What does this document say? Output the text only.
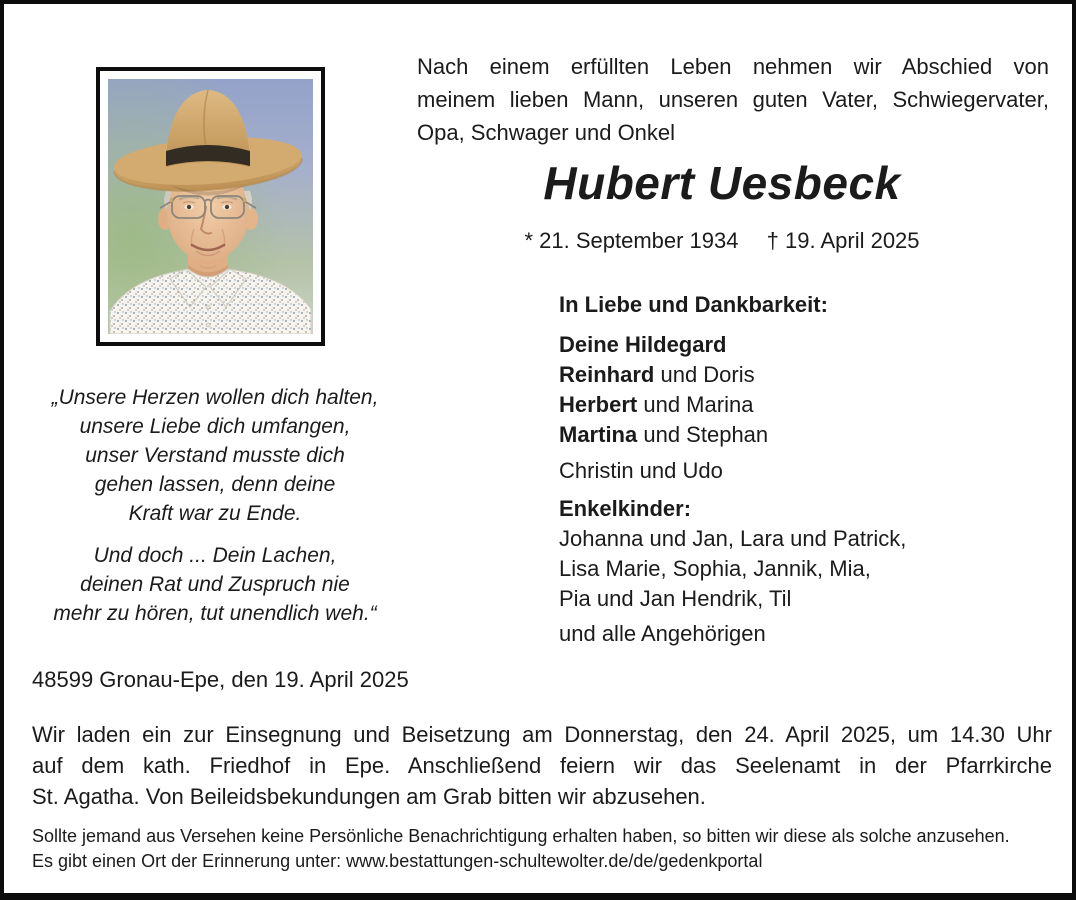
Nach einem erfüllten Leben nehmen wir Abschied von
meinem lieben Mann, unseren guten Vater, Schwiegervater,
Opa, Schwager und Onkel
Hubert Uesbeck
* 21. September 1934 † 19. April 2025
In Liebe und Dankbarkeit:
Deine Hildegard
Reinhard und Doris
Herbert und Marina
Martina und Stephan
Christin und Udo
Enkelkinder:
Johanna und Jan, Lara und Patrick,
Lisa Marie, Sophia, Jannik, Mia,
Pia und Jan Hendrik, Til
und alle Angehörigen
„Unsere Herzen wollen dich halten,
unsere Liebe dich umfangen,
unser Verstand musste dich
gehen lassen, denn deine
Kraft war zu Ende.
Und doch ... Dein Lachen,
deinen Rat und Zuspruch nie
mehr zu hören, tut unendlich weh.“
48599 Gronau-Epe, den 19. April 2025
Wir laden ein zur Einsegnung und Beisetzung am Donnerstag, den 24. April 2025, um 14.30 Uhr
auf dem kath. Friedhof in Epe. Anschließend feiern wir das Seelenamt in der Pfarrkirche
St. Agatha. Von Beileidsbekundungen am Grab bitten wir abzusehen.
Sollte jemand aus Versehen keine Persönliche Benachrichtigung erhalten haben, so bitten wir diese als solche anzusehen.
Es gibt einen Ort der Erinnerung unter: www.bestattungen-schultewolter.de/de/gedenkportal
